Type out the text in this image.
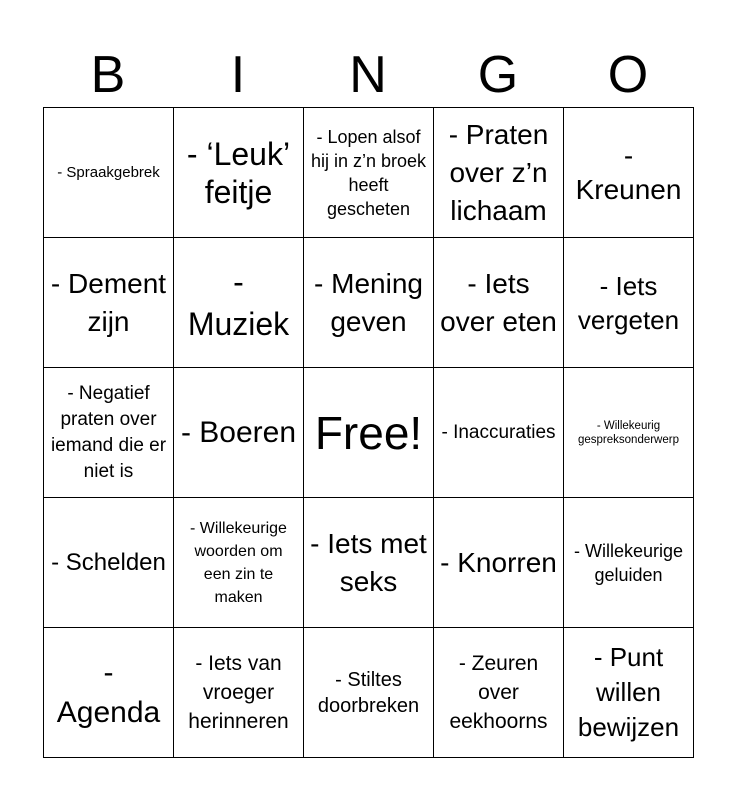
B	I	N	G	O
- Spraakgebrek	- ‘Leuk’ feitje	- Lopen alsof hij in z’n broek heeft gescheten	- Praten over z’n lichaam	- Kreunen

- Dement zijn	- Muziek	- Mening geven	- Iets over eten	- Iets vergeten

- Negatief praten over iemand die er niet is	- Boeren	Free!	- Inaccuraties	- Willekeurig gespreksonderwerp

- Schelden	- Willekeurige woorden om een zin te maken	- Iets met seks	- Knorren	- Willekeurige geluiden

- Agenda	- Iets van vroeger herinneren	- Stiltes doorbreken	- Zeuren over eekhoorns	- Punt willen bewijzen
